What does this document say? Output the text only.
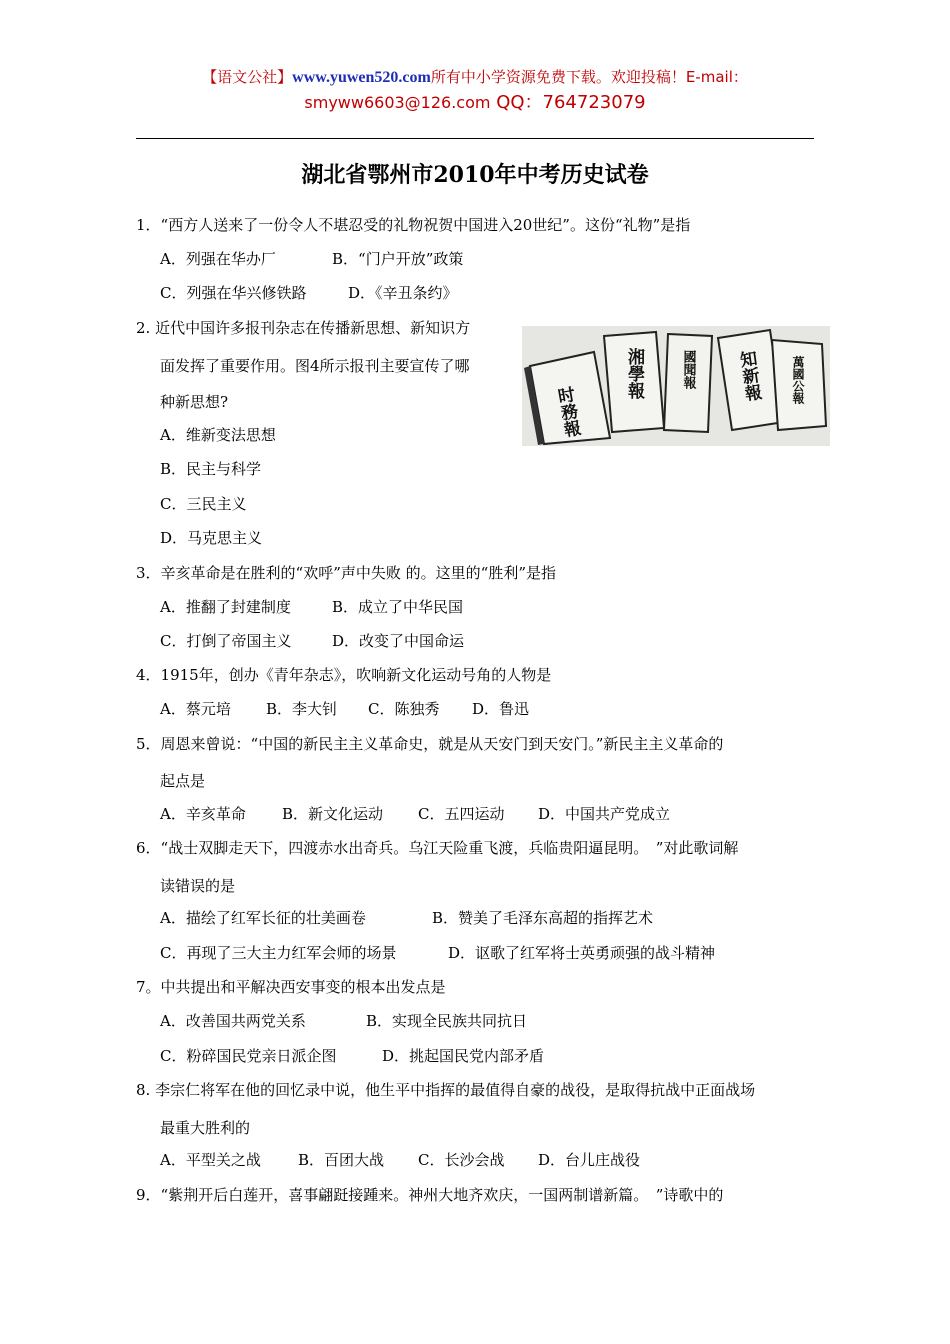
【语文公社】www.yuwen520.com所有中小学资源免费下载。欢迎投稿！E-mail：
smyww6603@126.com QQ：764723079
湖北省鄂州市2010年中考历史试卷
1．“西方人送来了一份令人不堪忍受的礼物祝贺中国进入20世纪”。这份“礼物”是指
A．列强在华办厂	B．“门户开放”政策
C．列强在华兴修铁路	D．《辛丑条约》
2. 近代中国许多报刊杂志在传播新思想、新知识方
面发挥了重要作用。图4所示报刊主要宣传了哪
种新思想?
A．维新变法思想
B．民主与科学
C．三民主义
D．马克思主义
时務報
湘學報	國聞報 知新報 萬國公報
3．辛亥革命是在胜利的“欢呼”声中失败 的。这里的“胜利”是指
A．推翻了封建制度	B．成立了中华民国
C．打倒了帝国主义	D．改变了中国命运
4．1915年，创办《青年杂志》，吹响新文化运动号角的人物是
A．蔡元培 B．李大钊 C．陈独秀 D．鲁迅
5．周恩来曾说：“中国的新民主主义革命史，就是从天安门到天安门。”新民主主义革命的
起点是
A．辛亥革命 B．新文化运动 C．五四运动 D．中国共产党成立
6．“战士双脚走天下，四渡赤水出奇兵。乌江天险重飞渡，兵临贵阳逼昆明。　”对此歌词解
读错误的是
A．描绘了红军长征的壮美画卷	B．赞美了毛泽东高超的指挥艺术
C．再现了三大主力红军会师的场景	D．讴歌了红军将士英勇顽强的战斗精神
7。中共提出和平解决西安事变的根本出发点是
A．改善国共两党关系	B．实现全民族共同抗日
C．粉碎国民党亲日派企图	D．挑起国民党内部矛盾
8. 李宗仁将军在他的回忆录中说，他生平中指挥的最值得自豪的战役，是取得抗战中正面战场
最重大胜利的
A．平型关之战 B．百团大战 C．长沙会战 D．台儿庄战役
9．“紫荆开后白莲开，喜事翩跹接踵来。神州大地齐欢庆，一国两制谱新篇。　”诗歌中的
